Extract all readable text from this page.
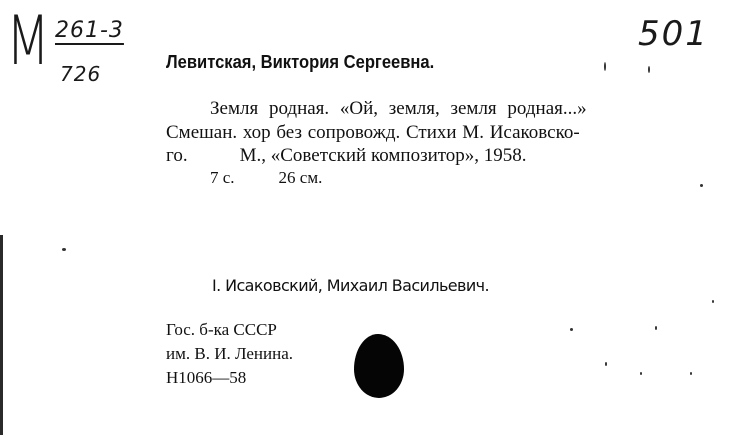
M 261-3
726
501
Левитская, Виктория Сергеевна.
Земля родная. «Ой, земля, земля родная...»
Смешан. хор без сопровожд. Стихи М. Исаковско-
го.	М., «Советский композитор», 1958.
7 с.	26 см.
I. Исаковский, Михаил Васильевич.
Гос. б-ка СССР
им. В. И. Ленина.
Н1066—58
